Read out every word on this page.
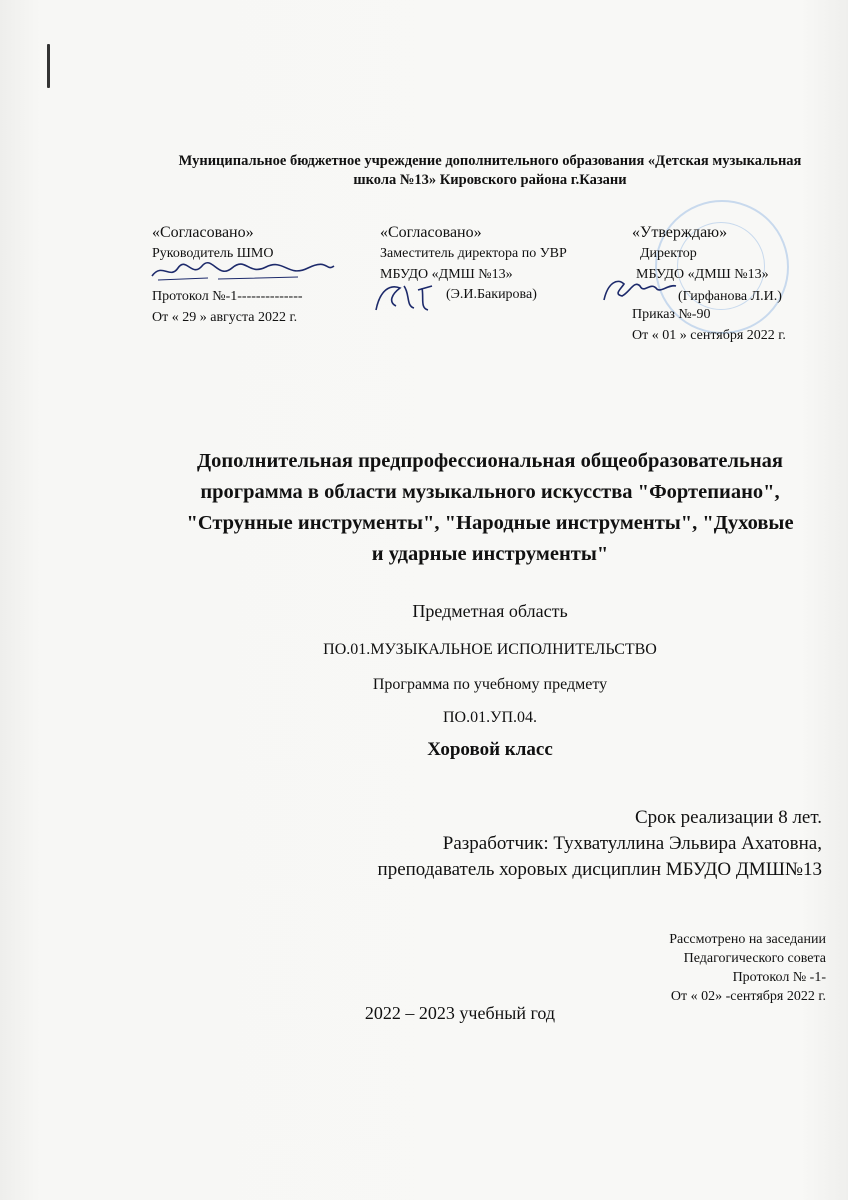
Муниципальное бюджетное учреждение дополнительного образования «Детская музыкальная
школа №13» Кировского района г.Казани
«Согласовано»
Руководитель ШМО
Протокол №-1--------------
От « 29 » августа 2022 г.
«Согласовано»
Заместитель директора по УВР
МБУДО «ДМШ №13»
(Э.И.Бакирова)
«Утверждаю»
Директор
МБУДО «ДМШ №13»
(Гирфанова Л.И.)
Приказ №-90
От « 01 » сентября 2022 г.
Дополнительная предпрофессиональная общеобразовательная
программа в области музыкального искусства "Фортепиано",
"Струнные инструменты", "Народные инструменты", "Духовые
и ударные инструменты"
Предметная область
ПО.01.МУЗЫКАЛЬНОЕ ИСПОЛНИТЕЛЬСТВО
Программа по учебному предмету
ПО.01.УП.04.
Хоровой класс
Срок реализации 8 лет.
Разработчик: Тухватуллина Эльвира Ахатовна,
преподаватель хоровых дисциплин МБУДО ДМШ№13
Рассмотрено на заседании
Педагогического совета
Протокол № -1-
От « 02» -сентября 2022 г.
2022 – 2023 учебный год
